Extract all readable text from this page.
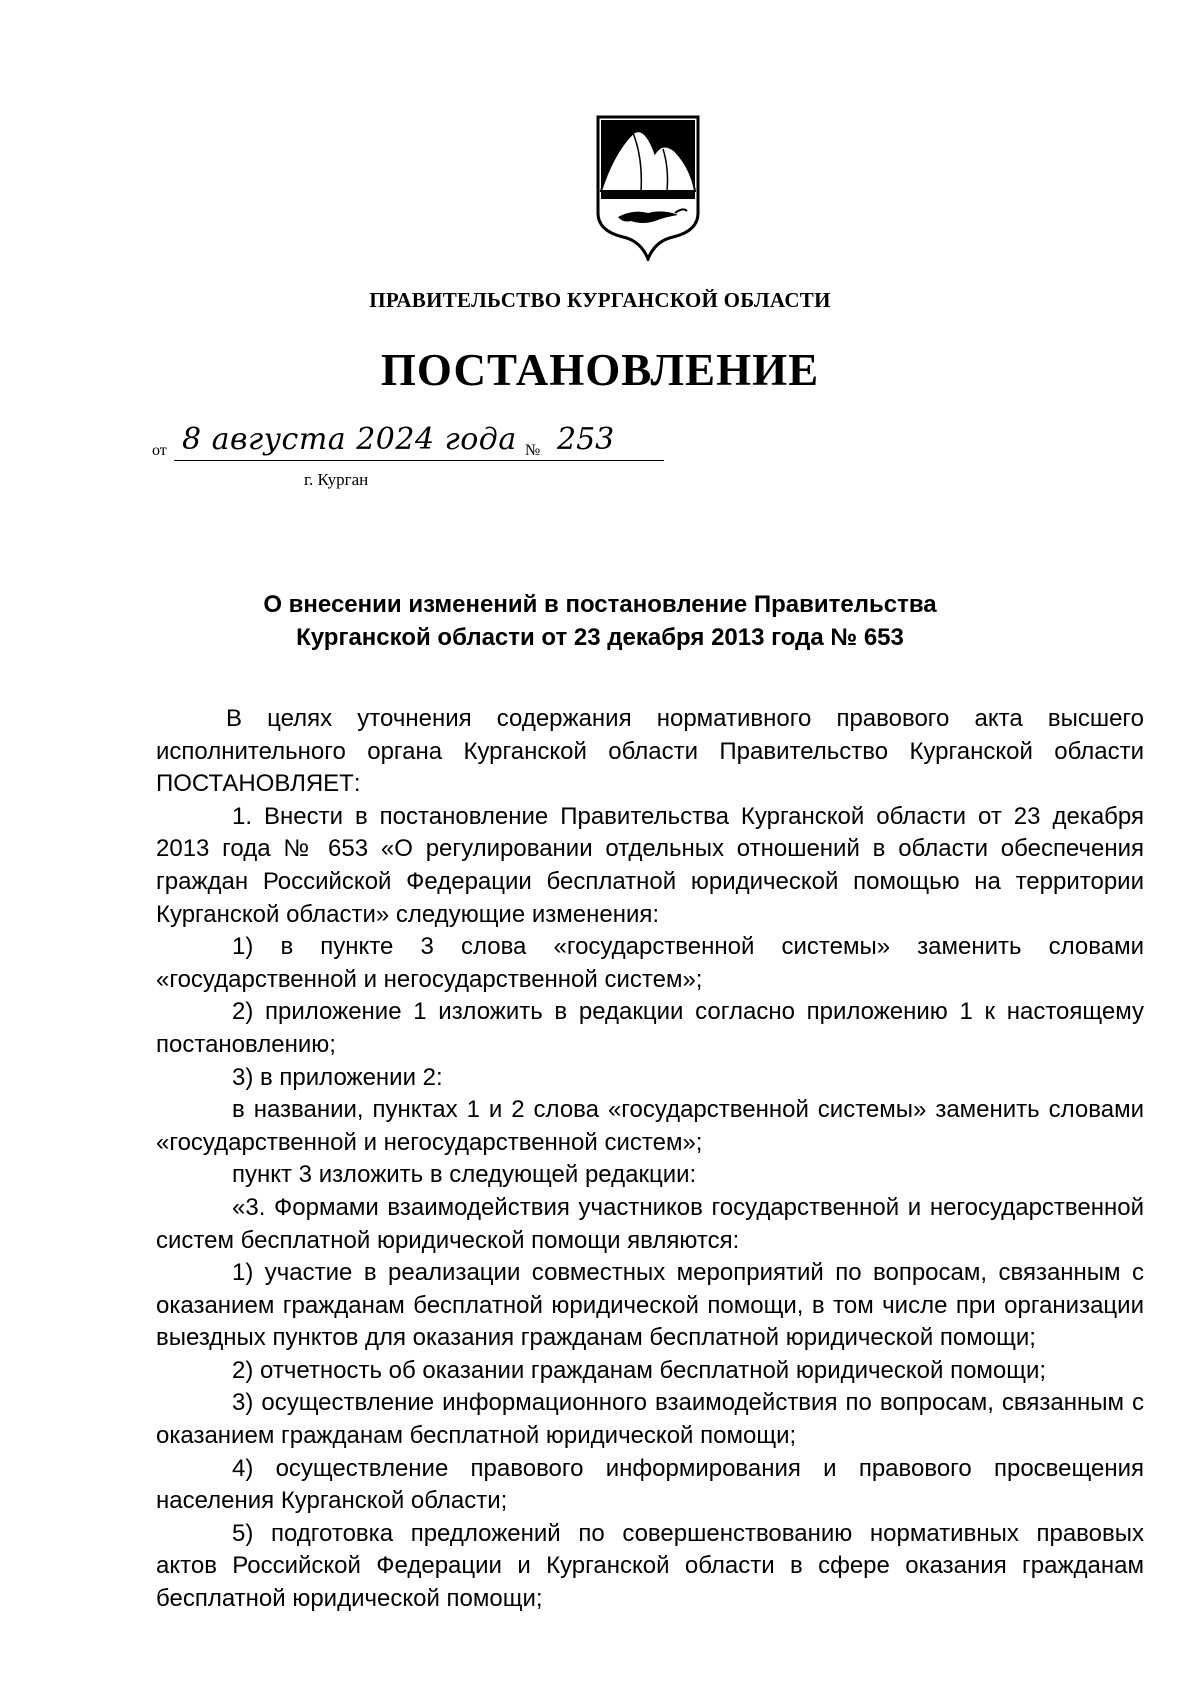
ПРАВИТЕЛЬСТВО КУРГАНСКОЙ ОБЛАСТИ
ПОСТАНОВЛЕНИЕ
от 8 августа 2024 года № 253
г. Курган
О внесении изменений в постановление Правительства
Курганской области от 23 декабря 2013 года № 653

В целях уточнения содержания нормативного правового акта высшего исполнительного органа Курганской области Правительство Курганской области ПОСТАНОВЛЯЕТ:

1. Внести в постановление Правительства Курганской области от 23 декабря 2013 года № 653 «О регулировании отдельных отношений в области обеспечения граждан Российской Федерации бесплатной юридической помощью на территории Курганской области» следующие изменения:

1) в пункте 3 слова «государственной системы» заменить словами «государственной и негосударственной систем»;

2) приложение 1 изложить в редакции согласно приложению 1 к настоящему постановлению;

3) в приложении 2:

в названии, пунктах 1 и 2 слова «государственной системы» заменить словами «государственной и негосударственной систем»;

пункт 3 изложить в следующей редакции:

«3. Формами взаимодействия участников государственной и негосударственной систем бесплатной юридической помощи являются:

1) участие в реализации совместных мероприятий по вопросам, связанным с оказанием гражданам бесплатной юридической помощи, в том числе при организации выездных пунктов для оказания гражданам бесплатной юридической помощи;

2) отчетность об оказании гражданам бесплатной юридической помощи;

3) осуществление информационного взаимодействия по вопросам, связанным с оказанием гражданам бесплатной юридической помощи;

4) осуществление правового информирования и правового просвещения населения Курганской области;

5) подготовка предложений по совершенствованию нормативных правовых актов Российской Федерации и Курганской области в сфере оказания гражданам бесплатной юридической помощи;
